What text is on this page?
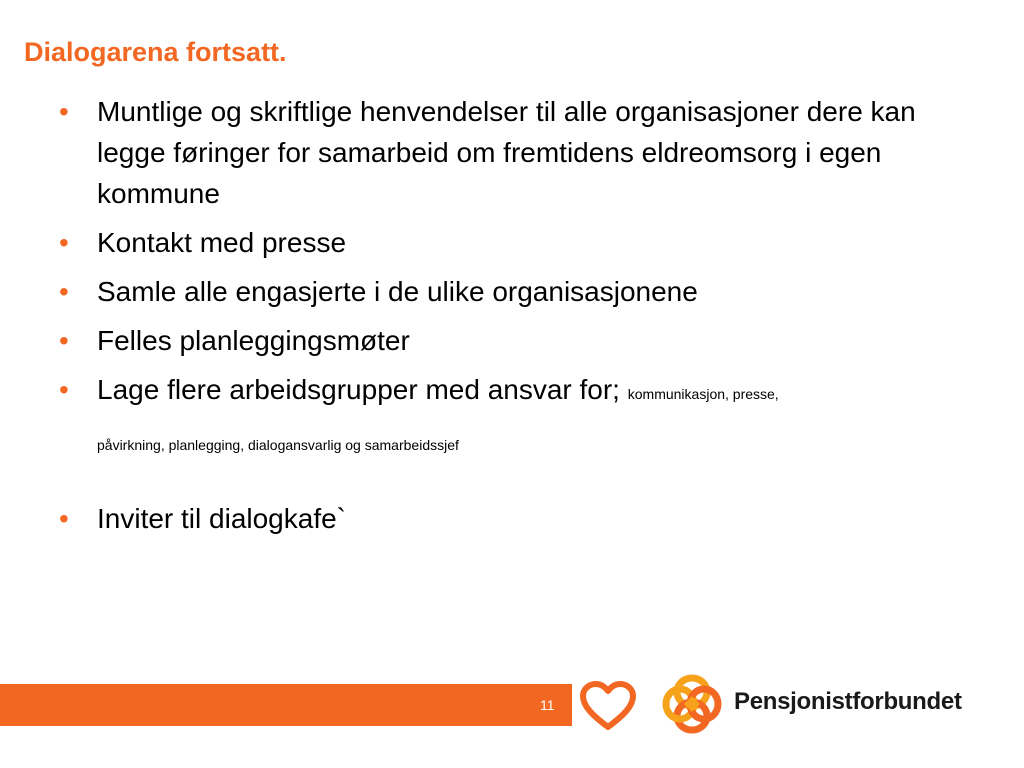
Dialogarena fortsatt.
• Muntlige og skriftlige henvendelser til alle organisasjoner dere kan legge føringer for samarbeid om fremtidens eldreomsorg i egen kommune
• Kontakt med presse
• Samle alle engasjerte i de ulike organisasjonene
• Felles planleggingsmøter
• Lage flere arbeidsgrupper med ansvar for; kommunikasjon, presse,
påvirkning, planlegging, dialogansvarlig og samarbeidssjef
• Inviter til dialogkafe`
11	Pensjonistforbundet
